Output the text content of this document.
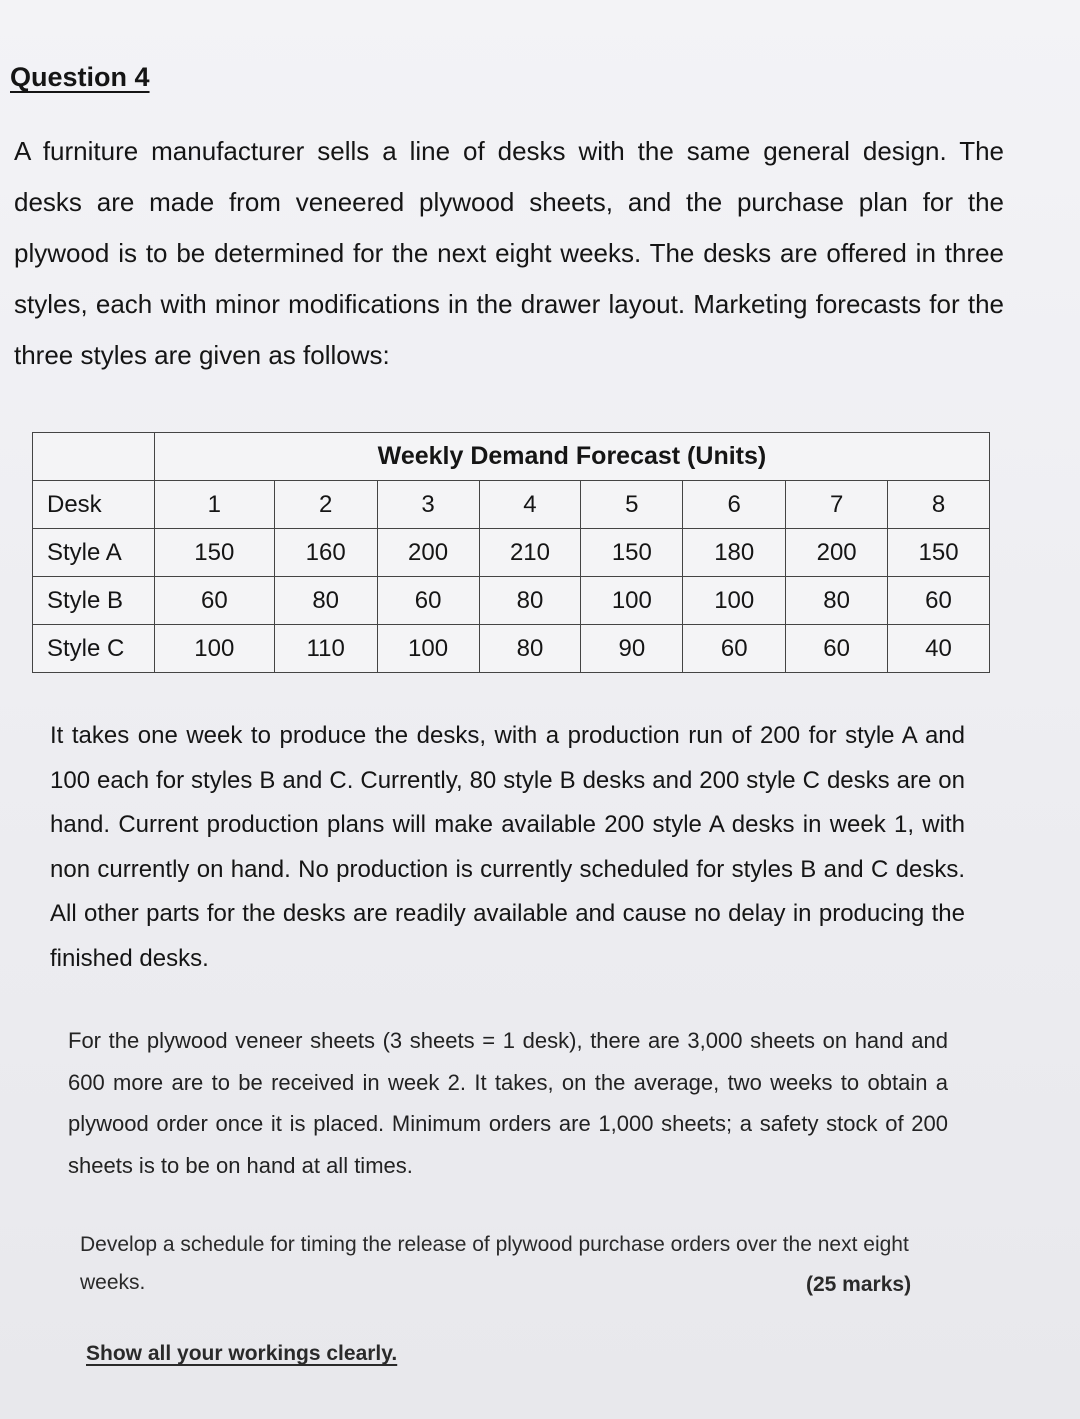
Question 4

A furniture manufacturer sells a line of desks with the same general design. The desks are made from veneered plywood sheets, and the purchase plan for the plywood is to be determined for the next eight weeks. The desks are offered in three styles, each with minor modifications in the drawer layout. Marketing forecasts for the three styles are given as follows:

	Weekly Demand Forecast (Units)							
Desk	1	2	3	4	5	6	7	8
Style A	150	160	200	210	150	180	200	150
Style B	60	80	60	80	100	100	80	60
Style C	100	110	100	80	90	60	60	40

It takes one week to produce the desks, with a production run of 200 for style A and 100 each for styles B and C. Currently, 80 style B desks and 200 style C desks are on hand. Current production plans will make available 200 style A desks in week 1, with non currently on hand. No production is currently scheduled for styles B and C desks. All other parts for the desks are readily available and cause no delay in producing the finished desks.

For the plywood veneer sheets (3 sheets = 1 desk), there are 3,000 sheets on hand and 600 more are to be received in week 2. It takes, on the average, two weeks to obtain a plywood order once it is placed. Minimum orders are 1,000 sheets; a safety stock of 200 sheets is to be on hand at all times.

Develop a schedule for timing the release of plywood purchase orders over the next eight weeks.	(25 marks)

Show all your workings clearly.
